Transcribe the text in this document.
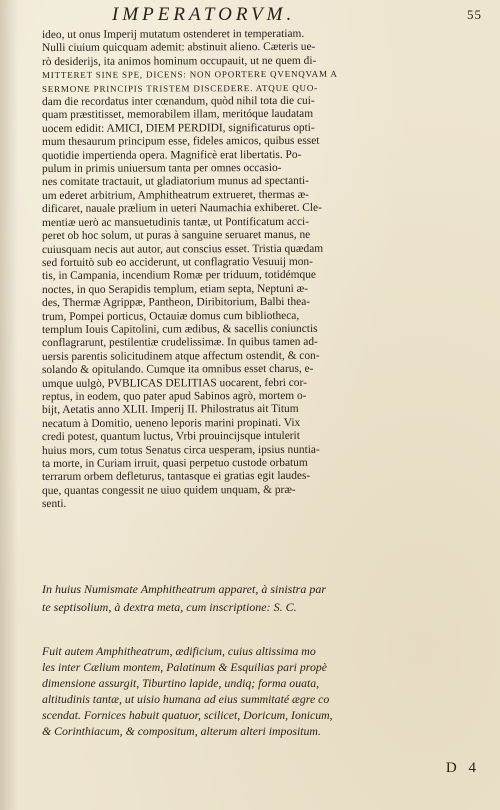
IMPERATORVM.	55
ideo, ut onus Imperij mutatum ostenderet in temperatiam.
Nulli ciuium quicquam ademit: abstinuit alieno. Cæteris ue-
rò desiderijs, ita animos hominum occupauit, ut ne quem di-
MITTERET SINE SPE, DICENS: NON OPORTERE QVENQVAM A
SERMONE PRINCIPIS TRISTEM DISCEDERE. ATQUE QUO-
dam die recordatus inter cœnandum, quòd nihil tota die cui-
quam præstitisset, memorabilem illam, meritóque laudatam
uocem edidit: AMICI, DIEM PERDIDI, significaturus opti-
mum thesaurum principum esse, fideles amicos, quibus esset
quotidie impertienda opera. Magnificè erat libertatis. Po-
pulum in primis uniuersum tanta per omnes occasio-
nes comitate tractauit, ut gladiatorium munus ad spectanti-
um ederet arbitrium, Amphitheatrum extrueret, thermas æ-
dificaret, nauale prælium in ueteri Naumachia exhiberet. Cle-
mentiæ uerò ac mansuetudinis tantæ, ut Pontificatum acci-
peret ob hoc solum, ut puras à sanguine seruaret manus, ne
cuiusquam necis aut autor, aut conscius esset. Tristia quædam
sed fortuitò sub eo acciderunt, ut conflagratio Vesuuij mon-
tis, in Campania, incendium Romæ per triduum, totidémque
noctes, in quo Serapidis templum, etiam septa, Neptuni æ-
des, Thermæ Agrippæ, Pantheon, Diribitorium, Balbi thea-
trum, Pompei porticus, Octauiæ domus cum bibliotheca,
templum Iouis Capitolini, cum ædibus, & sacellis coniunctis
conflagrarunt, pestilentiæ crudelissimæ. In quibus tamen ad-
uersis parentis solicitudinem atque affectum ostendit, & con-
solando & opitulando. Cumque ita omnibus esset charus, e-
umque uulgò, PVBLICAS DELITIAS uocarent, febri cor-
reptus, in eodem, quo pater apud Sabinos agrò, mortem o-
bijt, Aetatis anno XLII. Imperij II. Philostratus ait Titum
necatum à Domitio, ueneno leporis marini propinati. Vix
credi potest, quantum luctus, Vrbi prouincijsque intulerit
huius mors, cum totus Senatus circa uesperam, ipsius nuntia-
ta morte, in Curiam irruit, quasi perpetuo custode orbatum
terrarum orbem defleturus, tantasque ei gratias egit laudes-
que, quantas congessit ne uiuo quidem unquam, & præ-
senti.
In huius Numismate Amphitheatrum apparet, à sinistra par
te septisolium, à dextra meta, cum inscriptione: S. C.
Fuit autem Amphitheatrum, ædificium, cuius altissima mo
les inter Cælium montem, Palatinum & Esquilias pari propè
dimensione assurgit, Tiburtino lapide, undiq; forma ouata,
altitudinis tantæ, ut uisio humana ad eius summitaté ægre co
scendat. Fornices habuit quatuor, scilicet, Doricum, Ionicum,
& Corinthiacum, & compositum, alterum alteri impositum.
D 4
